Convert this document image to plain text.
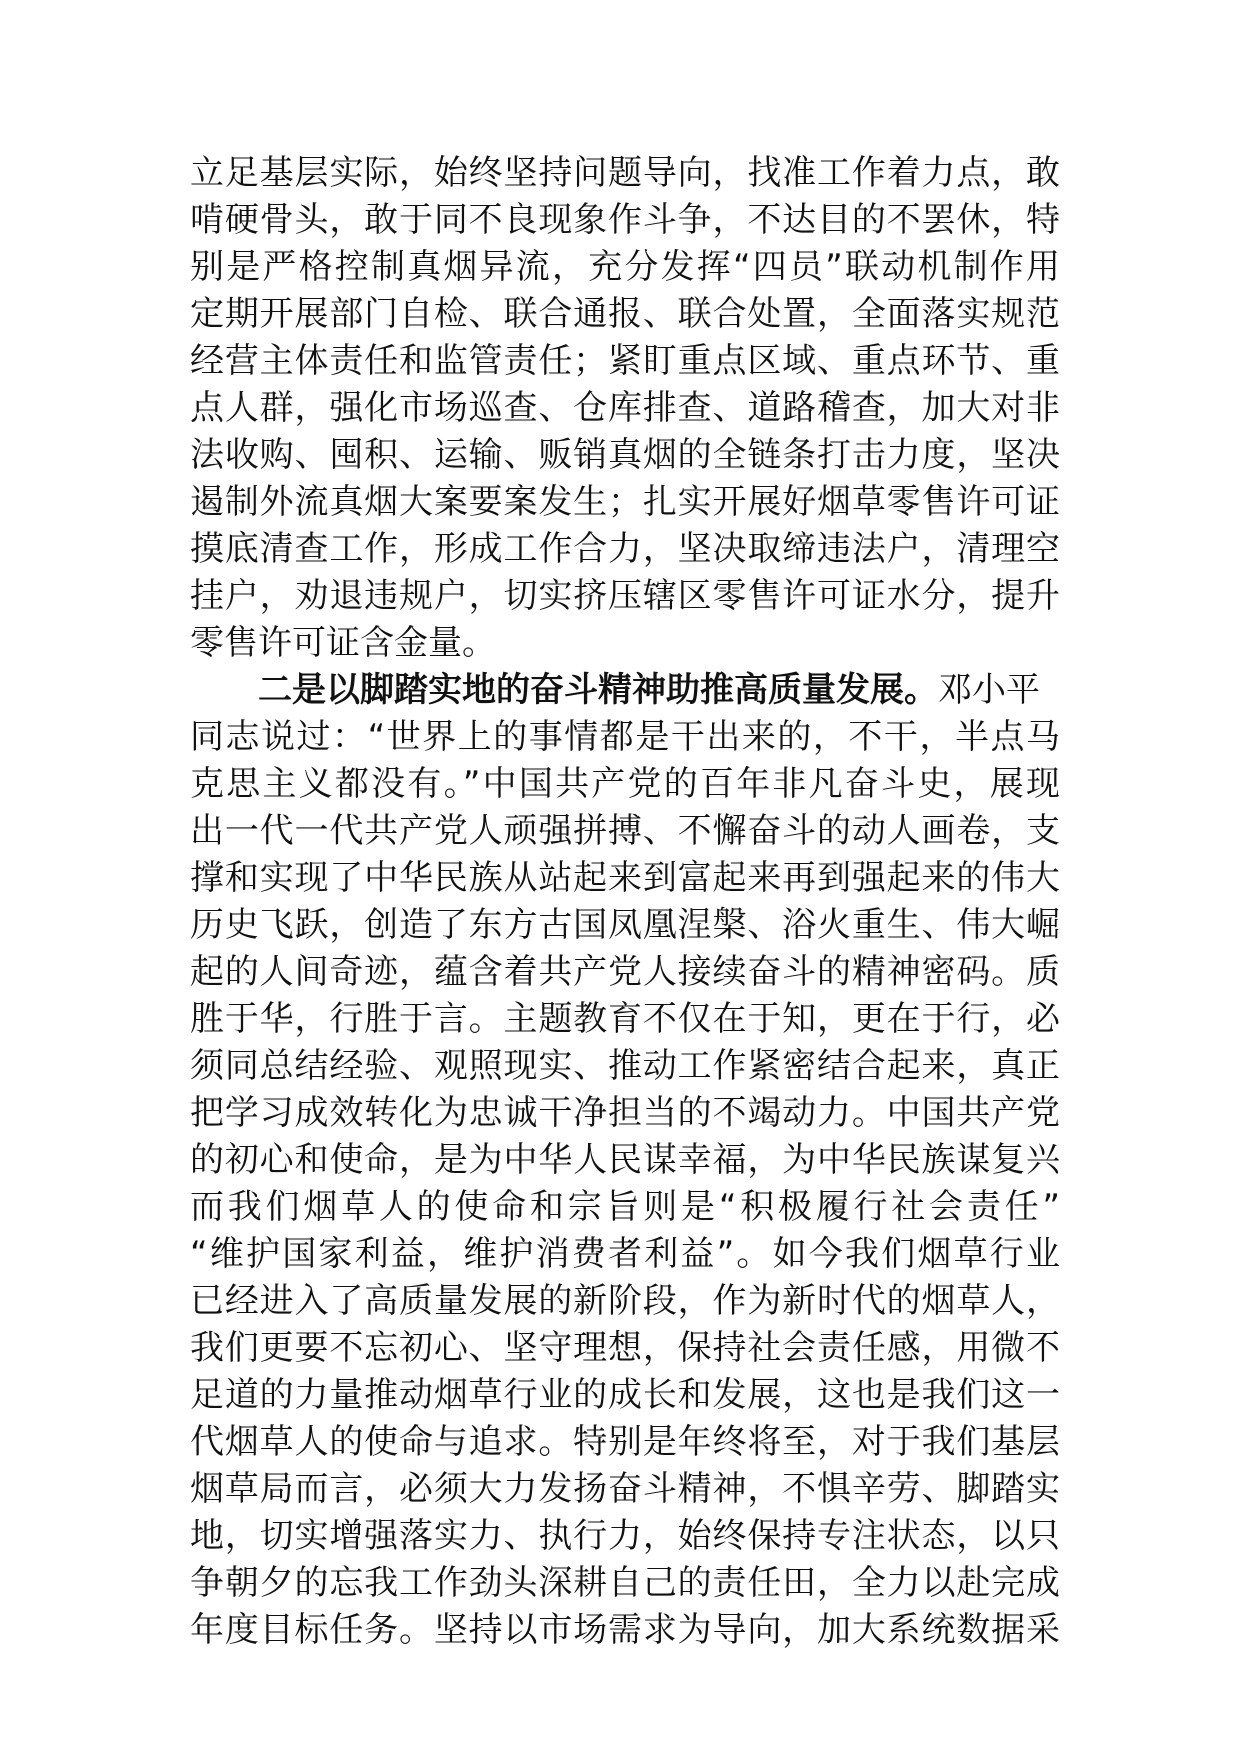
立足基层实际，始终坚持问题导向，找准工作着力点，敢
啃硬骨头，敢于同不良现象作斗争，不达目的不罢休，特
别是严格控制真烟异流，充分发挥“四员”联动机制作用
定期开展部门自检、联合通报、联合处置，全面落实规范
经营主体责任和监管责任；紧盯重点区域、重点环节、重
点人群，强化市场巡查、仓库排查、道路稽查，加大对非
法收购、囤积、运输、贩销真烟的全链条打击力度，坚决
遏制外流真烟大案要案发生；扎实开展好烟草零售许可证
摸底清查工作，形成工作合力，坚决取缔违法户，清理空
挂户，劝退违规户，切实挤压辖区零售许可证水分，提升
零售许可证含金量。
二是以脚踏实地的奋斗精神助推高质量发展。邓小平
同志说过：“世界上的事情都是干出来的，不干，半点马
克思主义都没有。”中国共产党的百年非凡奋斗史，展现
出一代一代共产党人顽强拼搏、不懈奋斗的动人画卷，支
撑和实现了中华民族从站起来到富起来再到强起来的伟大
历史飞跃，创造了东方古国凤凰涅槃、浴火重生、伟大崛
起的人间奇迹，蕴含着共产党人接续奋斗的精神密码。质
胜于华，行胜于言。主题教育不仅在于知，更在于行，必
须同总结经验、观照现实、推动工作紧密结合起来，真正
把学习成效转化为忠诚干净担当的不竭动力。中国共产党
的初心和使命，是为中华人民谋幸福，为中华民族谋复兴
而我们烟草人的使命和宗旨则是“积极履行社会责任”
“维护国家利益，维护消费者利益”。如今我们烟草行业
已经进入了高质量发展的新阶段，作为新时代的烟草人，
我们更要不忘初心、坚守理想，保持社会责任感，用微不
足道的力量推动烟草行业的成长和发展，这也是我们这一
代烟草人的使命与追求。特别是年终将至，对于我们基层
烟草局而言，必须大力发扬奋斗精神，不惧辛劳、脚踏实
地，切实增强落实力、执行力，始终保持专注状态，以只
争朝夕的忘我工作劲头深耕自己的责任田，全力以赴完成
年度目标任务。坚持以市场需求为导向，加大系统数据采
